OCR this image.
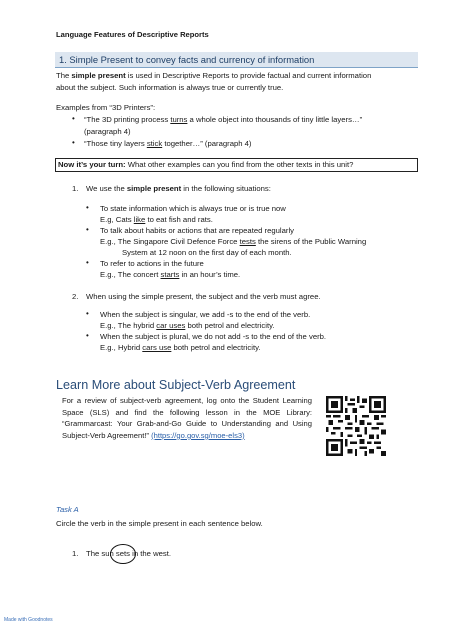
Language Features of Descriptive Reports
1. Simple Present to convey facts and currency of information
The simple present is used in Descriptive Reports to provide factual and current information
about the subject. Such information is always true or currently true.
Examples from “3D Printers”:
• “The 3D printing process turns a whole object into thousands of tiny little layers…”
(paragraph 4)
• “Those tiny layers stick together…” (paragraph 4)
Now it’s your turn: What other examples can you find from the other texts in this unit?
1. We use the simple present in the following situations:
• To state information which is always true or is true now
E.g, Cats like to eat fish and rats.
• To talk about habits or actions that are repeated regularly
E.g., The Singapore Civil Defence Force tests the sirens of the Public Warning
System at 12 noon on the first day of each month.
• To refer to actions in the future
E.g., The concert starts in an hour’s time.
2. When using the simple present, the subject and the verb must agree.
• When the subject is singular, we add -s to the end of the verb.
E.g., The hybrid car uses both petrol and electricity.
• When the subject is plural, we do not add -s to the end of the verb.
E.g., Hybrid cars use both petrol and electricity.
Learn More about Subject-Verb Agreement
For a review of subject-verb agreement, log onto the Student Learning Space (SLS) and find the following lesson in the MOE Library: “Grammarcast: Your Grab-and-Go Guide to Understanding and Using Subject-Verb Agreement!” (https://go.gov.sg/moe-els3)
Task A
Circle the verb in the simple present in each sentence below.
1. The sun sets in the west.
Made with Goodnotes
